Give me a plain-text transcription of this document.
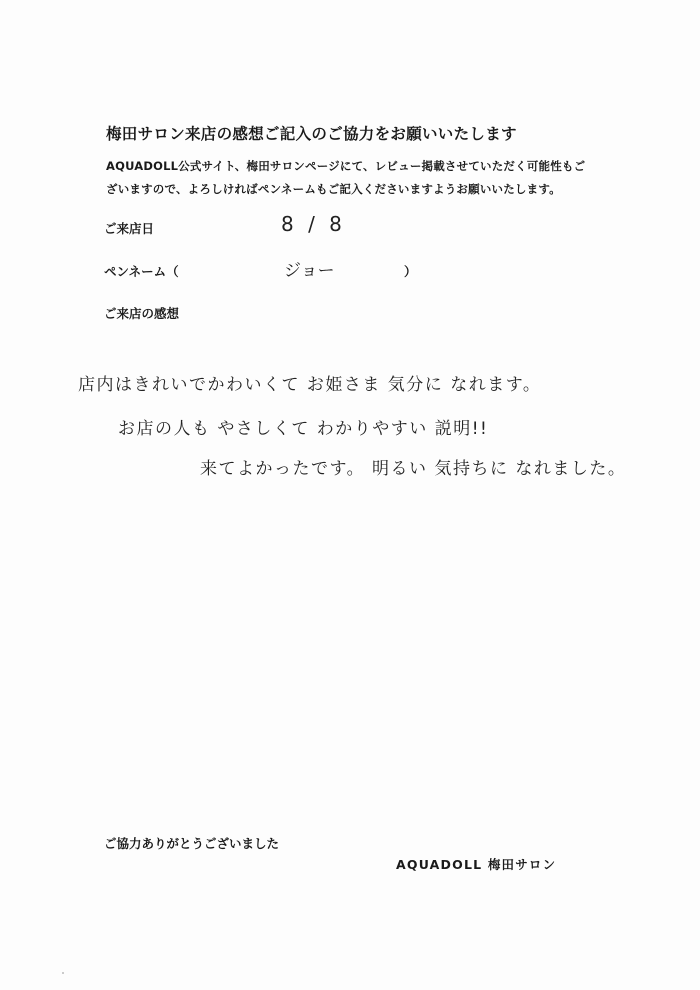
梅田サロン来店の感想ご記入のご協力をお願いいたします
AQUADOLL公式サイト、梅田サロンページにて、レビュー掲載させていただく可能性もご
ざいますので、よろしければペンネームもご記入くださいますようお願いいたします。
ご来店日	8 / 8
ペンネーム（	ジョー	）
ご来店の感想
店内はきれいでかわいくて お姫さま 気分に なれます。
お店の人も やさしくて わかりやすい 説明!!
来てよかったです。 明るい 気持ちに なれました。
ご協力ありがとうございました
AQUADOLL 梅田サロン
